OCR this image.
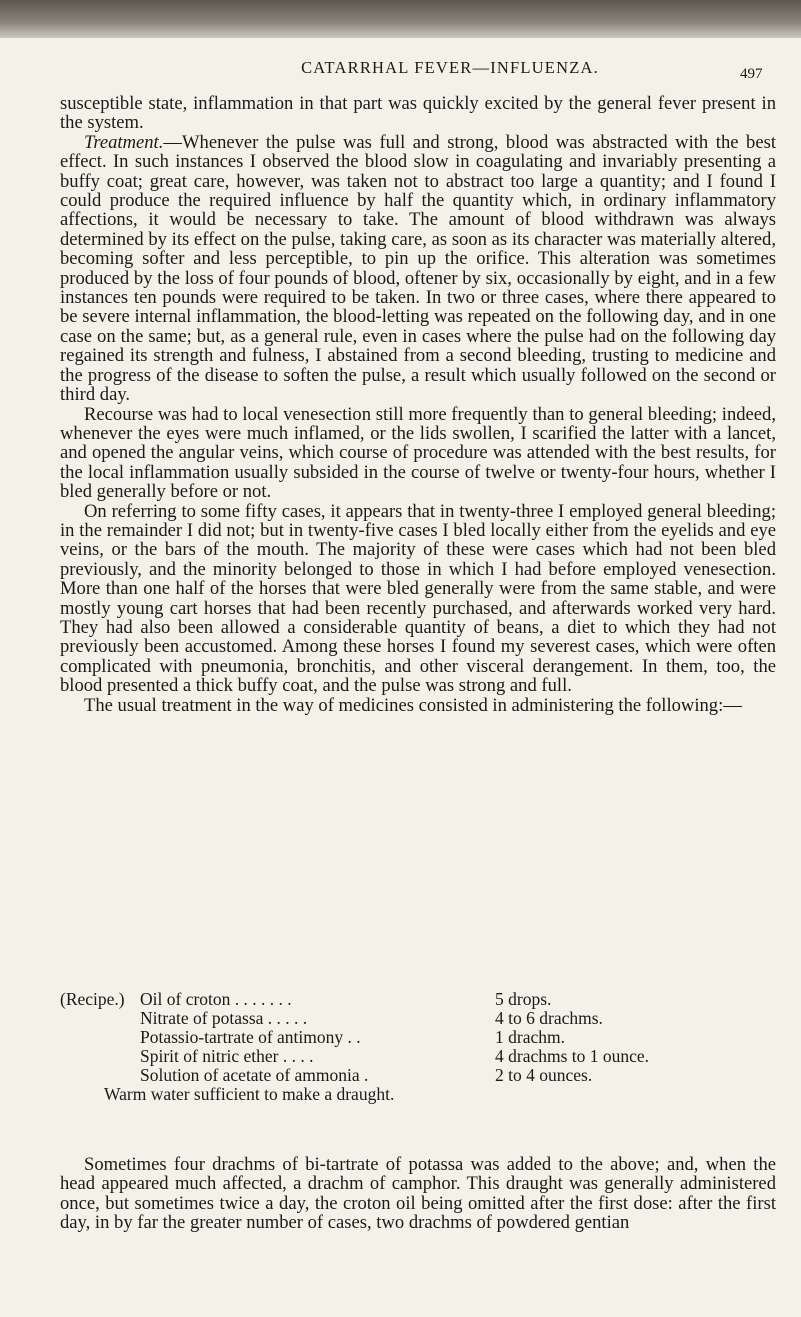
CATARRHAL FEVER—INFLUENZA.	497

susceptible state, inflammation in that part was quickly excited by the general fever present in the system.

Treatment.—Whenever the pulse was full and strong, blood was abstracted with the best effect. In such instances I observed the blood slow in coagulating and invariably presenting a buffy coat; great care, however, was taken not to abstract too large a quantity; and I found I could produce the required influence by half the quantity which, in ordinary inflammatory affections, it would be necessary to take. The amount of blood withdrawn was always determined by its effect on the pulse, taking care, as soon as its character was materially altered, becoming softer and less perceptible, to pin up the orifice. This alteration was sometimes produced by the loss of four pounds of blood, oftener by six, occasionally by eight, and in a few instances ten pounds were required to be taken. In two or three cases, where there appeared to be severe internal inflammation, the blood-letting was repeated on the following day, and in one case on the same; but, as a general rule, even in cases where the pulse had on the following day regained its strength and fulness, I abstained from a second bleeding, trusting to medicine and the progress of the disease to soften the pulse, a result which usually followed on the second or third day.

Recourse was had to local venesection still more frequently than to general bleeding; indeed, whenever the eyes were much inflamed, or the lids swollen, I scarified the latter with a lancet, and opened the angular veins, which course of procedure was attended with the best results, for the local inflammation usually subsided in the course of twelve or twenty-four hours, whether I bled generally before or not.

On referring to some fifty cases, it appears that in twenty-three I employed general bleeding; in the remainder I did not; but in twenty-five cases I bled locally either from the eyelids and eye veins, or the bars of the mouth. The majority of these were cases which had not been bled previously, and the minority belonged to those in which I had before employed venesection. More than one half of the horses that were bled generally were from the same stable, and were mostly young cart horses that had been recently purchased, and afterwards worked very hard. They had also been allowed a considerable quantity of beans, a diet to which they had not previously been accustomed. Among these horses I found my severest cases, which were often complicated with pneumonia, bronchitis, and other visceral derangement. In them, too, the blood presented a thick buffy coat, and the pulse was strong and full.

The usual treatment in the way of medicines consisted in administering the following:—

(Recipe.) Oil of croton . . . . . . .	5 drops.
Nitrate of potassa . . . . .	4 to 6 drachms.
Potassio-tartrate of antimony . .	1 drachm.
Spirit of nitric ether . . . .	4 drachms to 1 ounce.
Solution of acetate of ammonia .	2 to 4 ounces.
Warm water sufficient to make a draught.

Sometimes four drachms of bi-tartrate of potassa was added to the above; and, when the head appeared much affected, a drachm of camphor. This draught was generally administered once, but sometimes twice a day, the croton oil being omitted after the first dose: after the first day, in by far the greater number of cases, two drachms of powdered gentian
